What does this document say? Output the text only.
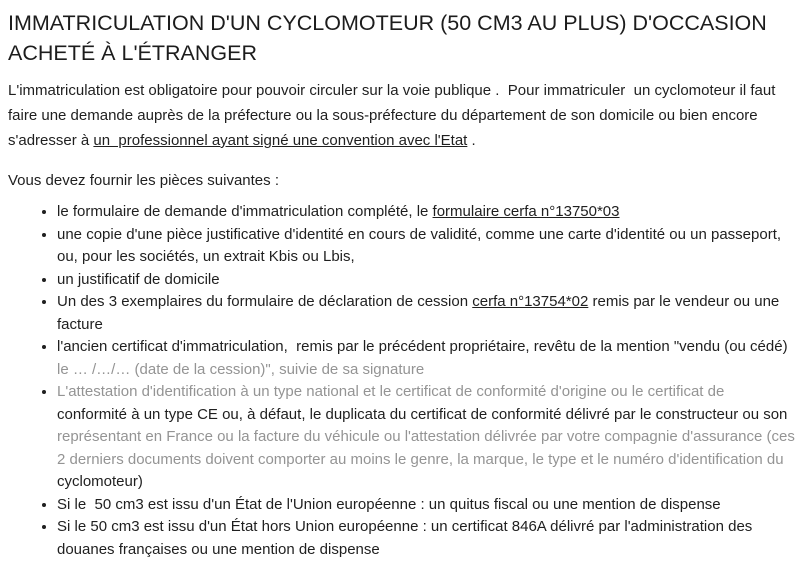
IMMATRICULATION D'UN CYCLOMOTEUR (50 CM3 AU PLUS) D'OCCASION ACHETÉ À L'ÉTRANGER

L'immatriculation est obligatoire pour pouvoir circuler sur la voie publique .  Pour immatriculer  un cyclomoteur il faut faire une demande auprès de la préfecture ou la sous-préfecture du département de son domicile ou bien encore s'adresser à un  professionnel ayant signé une convention avec l'Etat .

Vous devez fournir les pièces suivantes :

• le formulaire de demande d'immatriculation complété, le formulaire cerfa n°13750*03
• une copie d'une pièce justificative d'identité en cours de validité, comme une carte d'identité ou un passeport, ou, pour les sociétés, un extrait Kbis ou Lbis,
• un justificatif de domicile
• Un des 3 exemplaires du formulaire de déclaration de cession cerfa n°13754*02 remis par le vendeur ou une facture
• l'ancien certificat d'immatriculation,  remis par le précédent propriétaire, revêtu de la mention "vendu (ou cédé) le … /…/… (date de la cession)", suivie de sa signature
• L'attestation d'identification à un type national et le certificat de conformité d'origine ou le certificat de conformité à un type CE ou, à défaut, le duplicata du certificat de conformité délivré par le constructeur ou son représentant en France ou la facture du véhicule ou l'attestation délivrée par votre compagnie d'assurance (ces 2 derniers documents doivent comporter au moins le genre, la marque, le type et le numéro d'identification du cyclomoteur)
• Si le  50 cm3 est issu d'un État de l'Union européenne : un quitus fiscal ou une mention de dispense
• Si le 50 cm3 est issu d'un État hors Union européenne : un certificat 846A délivré par l'administration des douanes françaises ou une mention de dispense
